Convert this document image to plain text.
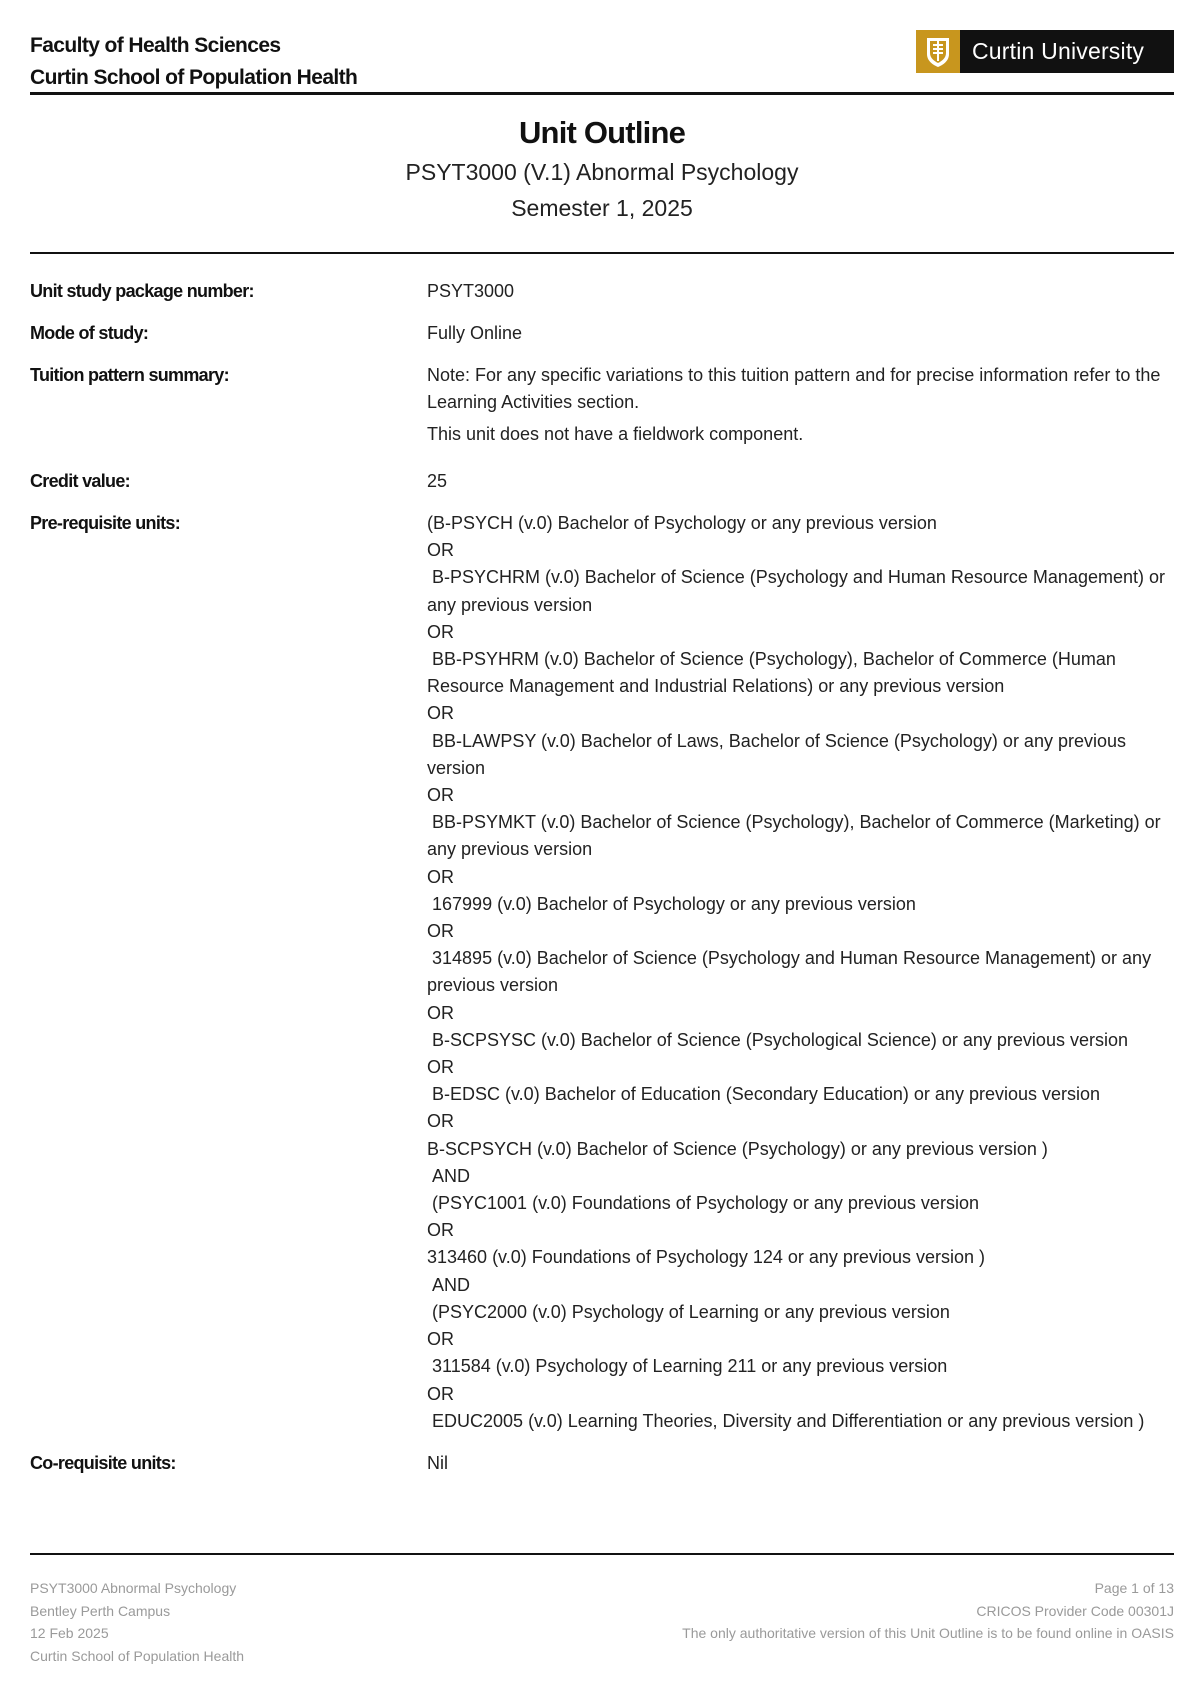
Faculty of Health Sciences
Curtin School of Population Health
Curtin University
Unit Outline
PSYT3000 (V.1) Abnormal Psychology
Semester 1, 2025
Unit study package number:	PSYT3000
Mode of study:	Fully Online
Tuition pattern summary:	Note: For any specific variations to this tuition pattern and for precise information refer to the Learning Activities section.

This unit does not have a fieldwork component.

Credit value:	25
Pre-requisite units:	(B-PSYCH (v.0) Bachelor of Psychology or any previous version
OR
B-PSYCHRM (v.0) Bachelor of Science (Psychology and Human Resource Management) or any previous version
OR
BB-PSYHRM (v.0) Bachelor of Science (Psychology), Bachelor of Commerce (Human Resource Management and Industrial Relations) or any previous version
OR
BB-LAWPSY (v.0) Bachelor of Laws, Bachelor of Science (Psychology) or any previous version
OR
BB-PSYMKT (v.0) Bachelor of Science (Psychology), Bachelor of Commerce (Marketing) or any previous version
OR
167999 (v.0) Bachelor of Psychology or any previous version
OR
314895 (v.0) Bachelor of Science (Psychology and Human Resource Management) or any previous version
OR
B-SCPSYSC (v.0) Bachelor of Science (Psychological Science) or any previous version
OR
B-EDSC (v.0) Bachelor of Education (Secondary Education) or any previous version
OR
B-SCPSYCH (v.0) Bachelor of Science (Psychology) or any previous version )
AND
(PSYC1001 (v.0) Foundations of Psychology or any previous version
OR
313460 (v.0) Foundations of Psychology 124 or any previous version )
AND
(PSYC2000 (v.0) Psychology of Learning or any previous version
OR
311584 (v.0) Psychology of Learning 211 or any previous version
OR
EDUC2005 (v.0) Learning Theories, Diversity and Differentiation or any previous version )
Co-requisite units:	Nil
PSYT3000 Abnormal Psychology
Bentley Perth Campus
12 Feb 2025
Curtin School of Population Health
Page 1 of 13
CRICOS Provider Code 00301J
The only authoritative version of this Unit Outline is to be found online in OASIS
